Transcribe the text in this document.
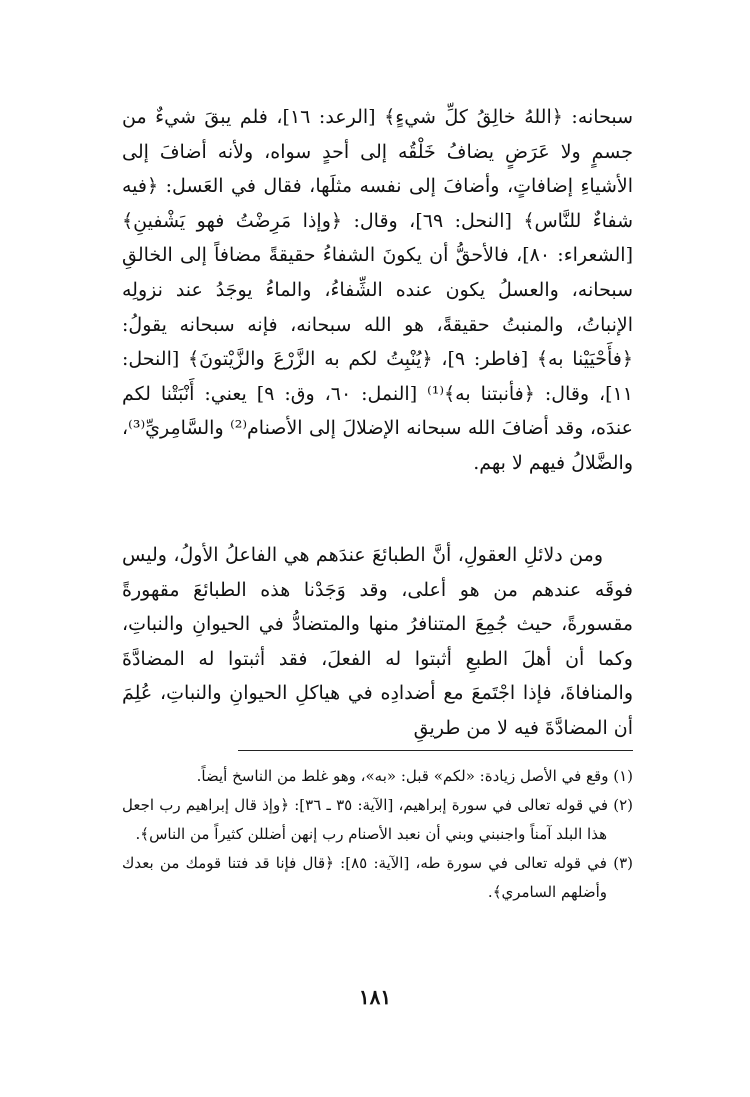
سبحانه: ﴿اللهُ خالِقُ كلِّ شيءٍ﴾ [الرعد: ١٦]، فلم يبقَ شيءٌ من جسمٍ ولا عَرَضٍ يضافُ خَلْقُه إلى أحدٍ سواه، ولأنه أضافَ إلى الأشياءِ إضافاتٍ، وأضافَ إلى نفسه مثلَها، فقال في العَسل: ﴿فيه شفاءٌ للنَّاس﴾ [النحل: ٦٩]، وقال: ﴿وإذا مَرِضْتُ فهو يَشْفينِ﴾ [الشعراء: ٨٠]، فالأحقُّ أن يكونَ الشفاءُ حقيقةً مضافاً إلى الخالقِ سبحانه، والعسلُ يكون عنده الشِّفاءُ، والماءُ يوجَدُ عند نزولِه الإنباتُ، والمنبتُ حقيقةً، هو الله سبحانه، فإنه سبحانه يقولُ: ﴿فأَحْيَيْنا به﴾ [فاطر: ٩]، ﴿يُنْبِتُ لكم به الزَّرْعَ والزَّيْتونَ﴾ [النحل: ١١]، وقال: ﴿فأنبتنا به﴾⁽¹⁾ [النمل: ٦٠، وق: ٩] يعني: أَنْبَتْنا لكم عندَه، وقد أضافَ الله سبحانه الإضلالَ إلى الأصنام⁽²⁾ والسَّامِريِّ⁽³⁾، والضَّلالُ فيهم لا بهم.

ومن دلائلِ العقولِ، أنَّ الطبائعَ عندَهم هي الفاعلُ الأولُ، وليس فوقَه عندهم من هو أعلى، وقد وَجَدْنا هذه الطبائعَ مقهورةً مقسورةً، حيث جُمِعَ المتنافرُ منها والمتضادُّ في الحيوانِ والنباتِ، وكما أن أهلَ الطبعِ أثبتوا له الفعلَ، فقد أثبتوا له المضادَّةَ والمنافاةَ، فإذا اجْتَمعَ مع أضدادِه في هياكلِ الحيوانِ والنباتِ، عُلِمَ أن المضادَّةَ فيه لا من طريقِ

(١) وقع في الأصل زيادة: «لكم» قبل: «به»، وهو غلط من الناسخ أيضاً.

(٢) في قوله تعالى في سورة إبراهيم، [الآية: ٣٥ ـ ٣٦]: ﴿وإذ قال إبراهيم رب اجعل هذا البلد آمناً واجنبني وبني أن نعبد الأصنام رب إنهن أضللن كثيراً من الناس﴾.

(٣) في قوله تعالى في سورة طه، [الآية: ٨٥]: ﴿قال فإنا قد فتنا قومك من بعدك وأضلهم السامري﴾.

١٨١
